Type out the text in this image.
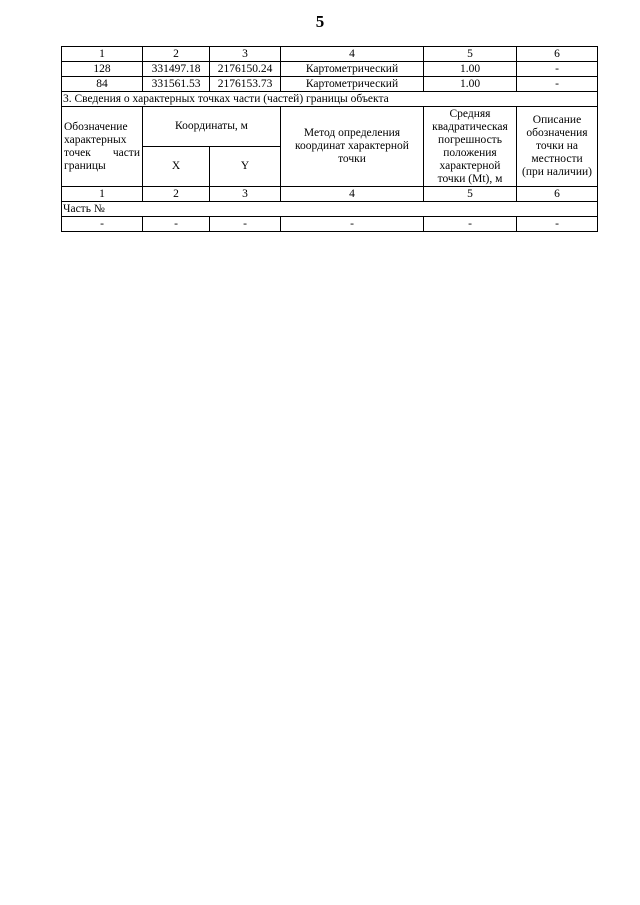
5
1	2	3	4	5	6
128	331497.18	2176150.24	Картометрический	1.00	-
84	331561.53	2176153.73	Картометрический	1.00	-
3. Сведения о характерных точках части (частей) границы объекта					
Обозначение характерных точек части границы	Координаты, м		Метод определения координат характерной точки	Средняя квадратическая погрешность положения характерной точки (Mt), м	Описание обозначения точки на местности (при наличии)
	X	Y			
1	2	3	4	5	6
Часть №					
-	-	-	-	-	-
